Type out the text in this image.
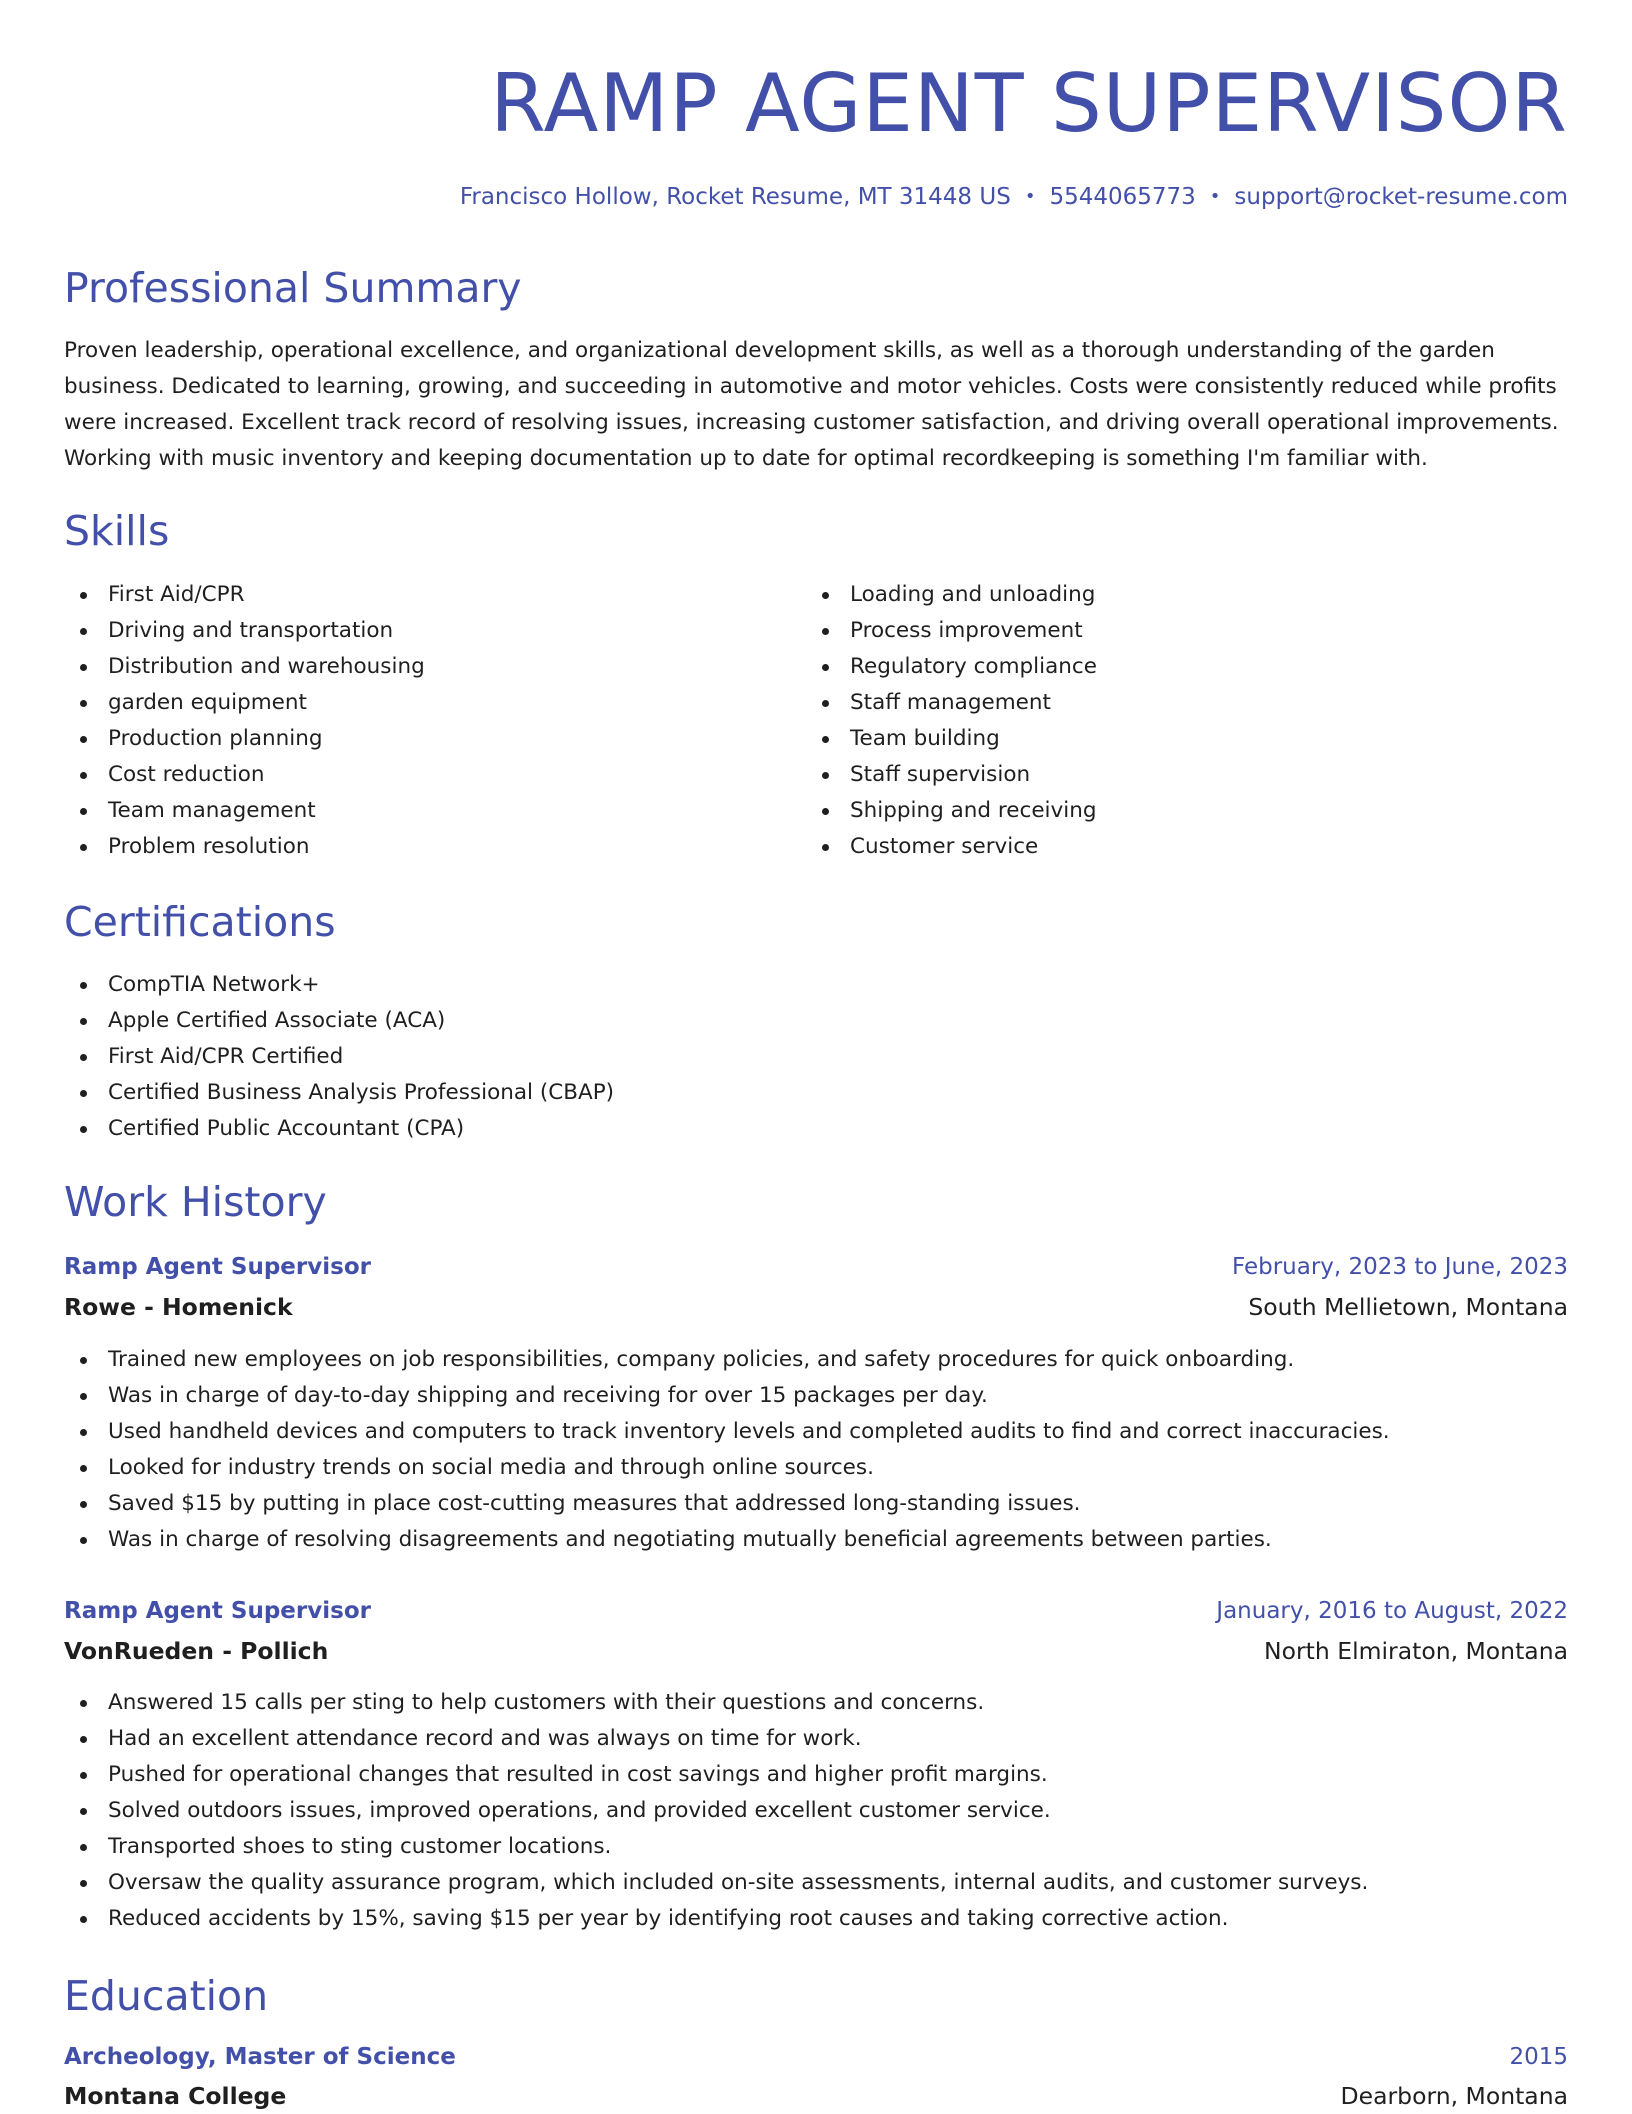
RAMP AGENT SUPERVISOR
Francisco Hollow, Rocket Resume, MT 31448 US • 5544065773 • support@rocket-resume.com
Professional Summary

Proven leadership, operational excellence, and organizational development skills, as well as a thorough understanding of the garden business. Dedicated to learning, growing, and succeeding in automotive and motor vehicles. Costs were consistently reduced while profits were increased. Excellent track record of resolving issues, increasing customer satisfaction, and driving overall operational improvements. Working with music inventory and keeping documentation up to date for optimal recordkeeping is something I'm familiar with.

Skills
First Aid/CPR
Driving and transportation
Distribution and warehousing
garden equipment
Production planning
Cost reduction
Team management
Problem resolution
Loading and unloading
Process improvement
Regulatory compliance
Staff management
Team building
Staff supervision
Shipping and receiving
Customer service
Certifications
CompTIA Network+
Apple Certified Associate (ACA)
First Aid/CPR Certified
Certified Business Analysis Professional (CBAP)
Certified Public Accountant (CPA)
Work History
Ramp Agent Supervisor	February, 2023 to June, 2023
Rowe - Homenick	South Mellietown, Montana
Trained new employees on job responsibilities, company policies, and safety procedures for quick onboarding.
Was in charge of day-to-day shipping and receiving for over 15 packages per day.
Used handheld devices and computers to track inventory levels and completed audits to find and correct inaccuracies.
Looked for industry trends on social media and through online sources.
Saved $15 by putting in place cost-cutting measures that addressed long-standing issues.
Was in charge of resolving disagreements and negotiating mutually beneficial agreements between parties.
Ramp Agent Supervisor	January, 2016 to August, 2022
VonRueden - Pollich	North Elmiraton, Montana
Answered 15 calls per sting to help customers with their questions and concerns.
Had an excellent attendance record and was always on time for work.
Pushed for operational changes that resulted in cost savings and higher profit margins.
Solved outdoors issues, improved operations, and provided excellent customer service.
Transported shoes to sting customer locations.
Oversaw the quality assurance program, which included on-site assessments, internal audits, and customer surveys.
Reduced accidents by 15%, saving $15 per year by identifying root causes and taking corrective action.
Education
Archeology, Master of Science	2015
Montana College	Dearborn, Montana
